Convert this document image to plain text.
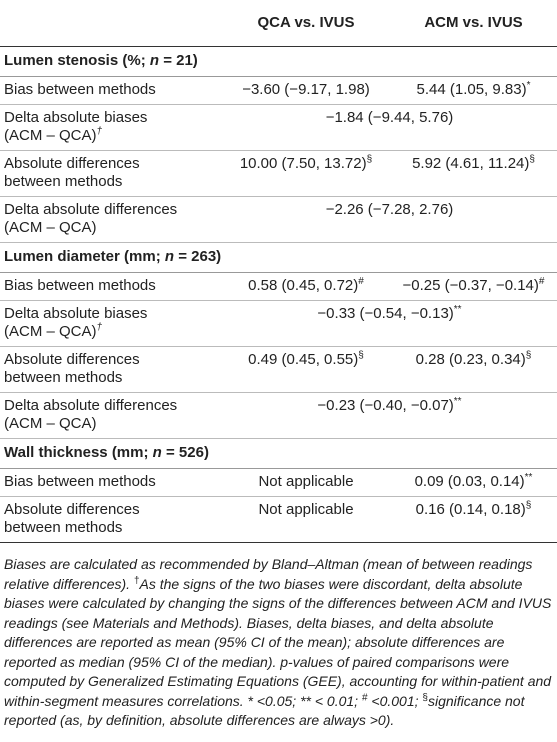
	QCA vs. IVUS	ACM vs. IVUS
Lumen stenosis (%; n = 21)		
Bias between methods	−3.60 (−9.17, 1.98)	5.44 (1.05, 9.83)*
Delta absolute biases
(ACM – QCA)†	−1.84 (−9.44, 5.76)	
Absolute differences
between methods	10.00 (7.50, 13.72)§	5.92 (4.61, 11.24)§
Delta absolute differences
(ACM – QCA)	−2.26 (−7.28, 2.76)	
Lumen diameter (mm; n = 263)		
Bias between methods	0.58 (0.45, 0.72)#	−0.25 (−0.37, −0.14)#
Delta absolute biases
(ACM – QCA)†	−0.33 (−0.54, −0.13)**
Absolute differences
between methods	0.49 (0.45, 0.55)§	0.28 (0.23, 0.34)§
Delta absolute differences
(ACM – QCA)	−0.23 (−0.40, −0.07)**
Wall thickness (mm; n = 526)		
Bias between methods	Not applicable	0.09 (0.03, 0.14)**
Absolute differences
between methods	Not applicable	0.16 (0.14, 0.18)§

Biases are calculated as recommended by Bland–Altman (mean of between readings relative differences). †As the signs of the two biases were discordant, delta absolute biases were calculated by changing the signs of the differences between ACM and IVUS readings (see Materials and Methods). Biases, delta biases, and delta absolute differences are reported as mean (95% CI of the mean); absolute differences are reported as median (95% CI of the median). p-values of paired comparisons were computed by Generalized Estimating Equations (GEE), accounting for within-patient and within-segment measures correlations. * <0.05; ** < 0.01; # <0.001; §significance not reported (as, by definition, absolute differences are always >0).
